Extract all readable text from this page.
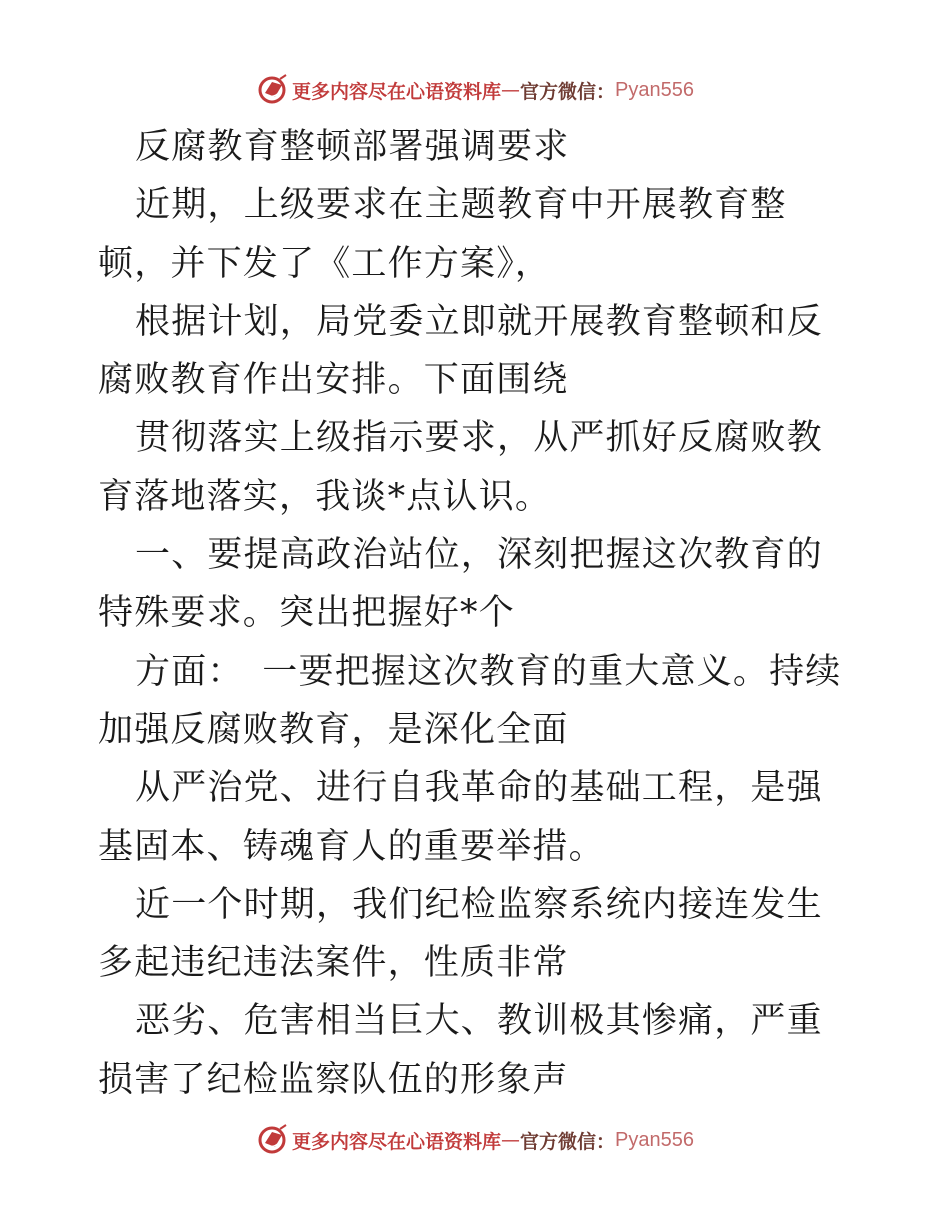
更多内容尽在心语资料库 — 官方微信： Pyan556

反腐教育整顿部署强调要求

近期，上级要求在主题教育中开展教育整顿，并下发了《工作方案》，

根据计划，局党委立即就开展教育整顿和反腐败教育作出安排。下面围绕

贯彻落实上级指示要求，从严抓好反腐败教育落地落实，我谈*点认识。

一、要提高政治站位，深刻把握这次教育的特殊要求。突出把握好*个

方面：　一要把握这次教育的重大意义。持续加强反腐败教育，是深化全面

从严治党、进行自我革命的基础工程，是强基固本、铸魂育人的重要举措。

近一个时期，我们纪检监察系统内接连发生多起违纪违法案件，性质非常

恶劣、危害相当巨大、教训极其惨痛，严重损害了纪检监察队伍的形象声

更多内容尽在心语资料库 — 官方微信： Pyan556
